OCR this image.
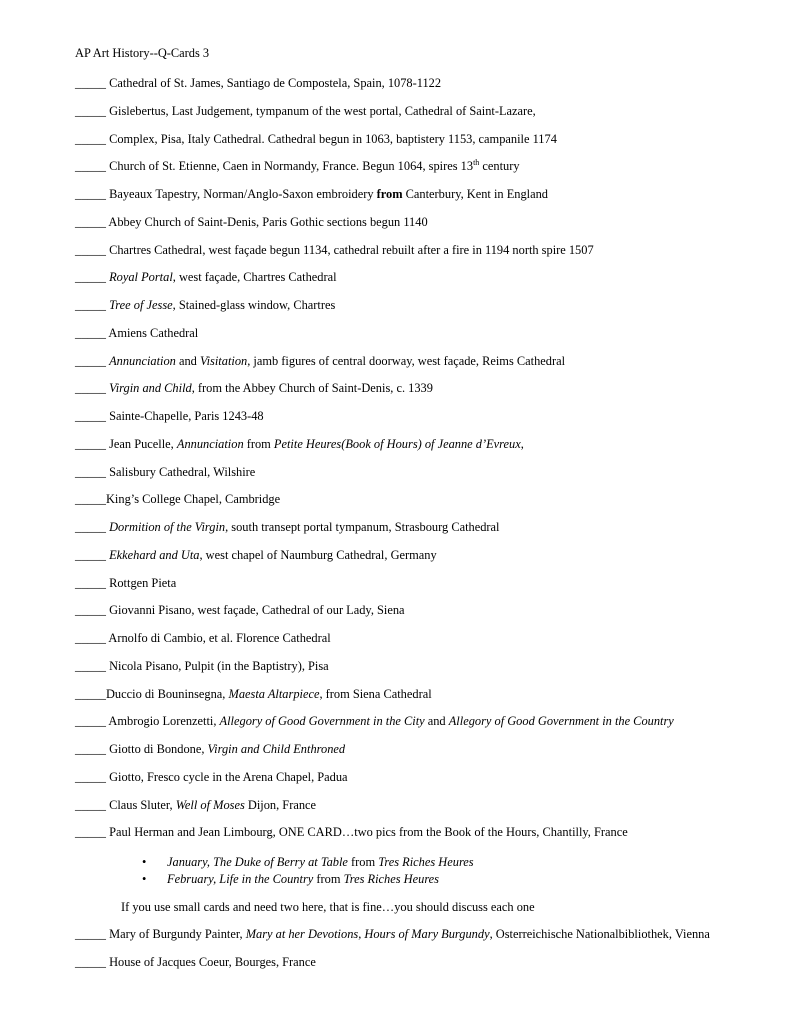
AP Art History--Q-Cards 3
_____ Cathedral of St. James, Santiago de Compostela, Spain, 1078-1122
_____ Gislebertus, Last Judgement, tympanum of the west portal, Cathedral of Saint-Lazare,
_____ Complex, Pisa, Italy Cathedral. Cathedral begun in 1063, baptistery 1153, campanile 1174
_____ Church of St. Etienne, Caen in Normandy, France. Begun 1064, spires 13th century
_____ Bayeaux Tapestry, Norman/Anglo-Saxon embroidery from Canterbury, Kent in England
_____ Abbey Church of Saint-Denis, Paris Gothic sections begun 1140
_____ Chartres Cathedral, west façade begun 1134, cathedral rebuilt after a fire in 1194 north spire 1507
_____ Royal Portal, west façade, Chartres Cathedral
_____ Tree of Jesse, Stained-glass window, Chartres
_____ Amiens Cathedral
_____ Annunciation and Visitation, jamb figures of central doorway, west façade, Reims Cathedral
_____ Virgin and Child, from the Abbey Church of Saint-Denis, c. 1339
_____ Sainte-Chapelle, Paris 1243-48
_____ Jean Pucelle, Annunciation from Petite Heures(Book of Hours) of Jeanne d’Evreux,
_____ Salisbury Cathedral, Wilshire
_____King’s College Chapel, Cambridge
_____ Dormition of the Virgin, south transept portal tympanum, Strasbourg Cathedral
_____ Ekkehard and Uta, west chapel of Naumburg Cathedral, Germany
_____ Rottgen Pieta
_____ Giovanni Pisano, west façade, Cathedral of our Lady, Siena
_____ Arnolfo di Cambio, et al. Florence Cathedral
_____ Nicola Pisano, Pulpit (in the Baptistry), Pisa
_____Duccio di Bouninsegna, Maesta Altarpiece, from Siena Cathedral
_____ Ambrogio Lorenzetti, Allegory of Good Government in the City and Allegory of Good Government in the Country
_____ Giotto di Bondone, Virgin and Child Enthroned
_____ Giotto, Fresco cycle in the Arena Chapel, Padua
_____ Claus Sluter, Well of Moses Dijon, France
_____ Paul Herman and Jean Limbourg, ONE CARD…two pics from the Book of the Hours, Chantilly, France
• January, The Duke of Berry at Table from Tres Riches Heures
• February, Life in the Country from Tres Riches Heures
If you use small cards and need two here, that is fine…you should discuss each one
_____ Mary of Burgundy Painter, Mary at her Devotions, Hours of Mary Burgundy, Osterreichische Nationalbibliothek, Vienna
_____ House of Jacques Coeur, Bourges, France
